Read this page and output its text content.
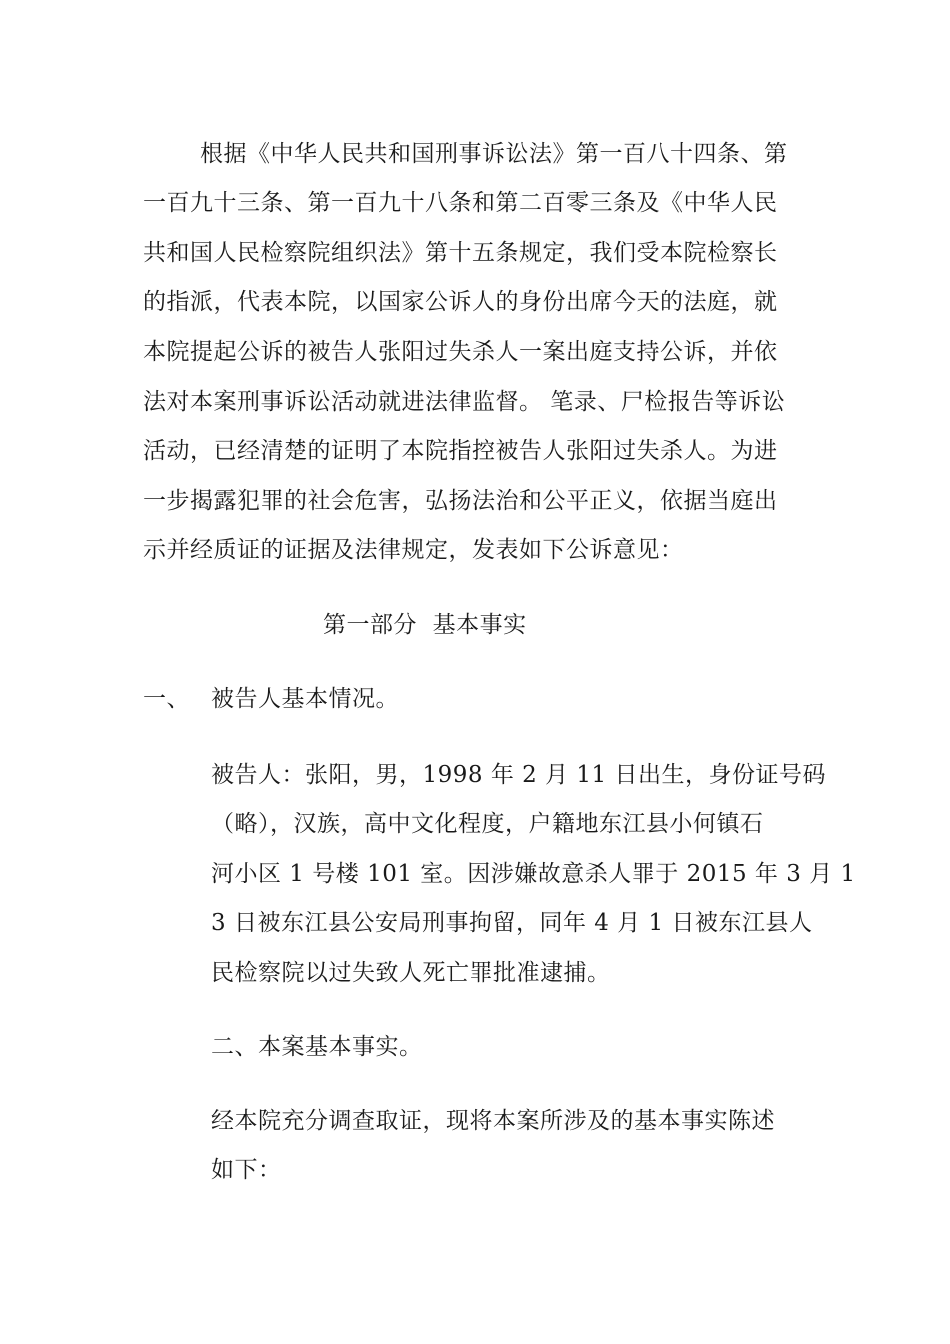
根据《中华人民共和国刑事诉讼法》第一百八十四条、第
一百九十三条、第一百九十八条和第二百零三条及《中华人民
共和国人民检察院组织法》第十五条规定，我们受本院检察长
的指派，代表本院，以国家公诉人的身份出席今天的法庭，就
本院提起公诉的被告人张阳过失杀人一案出庭支持公诉，并依
法对本案刑事诉讼活动就进法律监督。 笔录、尸检报告等诉讼
活动，已经清楚的证明了本院指控被告人张阳过失杀人。为进
一步揭露犯罪的社会危害，弘扬法治和公平正义，依据当庭出
示并经质证的证据及法律规定，发表如下公诉意见：
第一部分  基本事实
一、 被告人基本情况。
被告人：张阳，男，1998 年 2 月 11 日出生，身份证号码
（略），汉族，高中文化程度，户籍地东江县小何镇石
河小区 1 号楼 101 室。因涉嫌故意杀人罪于 2015 年 3 月 1
3 日被东江县公安局刑事拘留，同年 4 月 1 日被东江县人
民检察院以过失致人死亡罪批准逮捕。
二、本案基本事实。
经本院充分调查取证，现将本案所涉及的基本事实陈述
如下：
